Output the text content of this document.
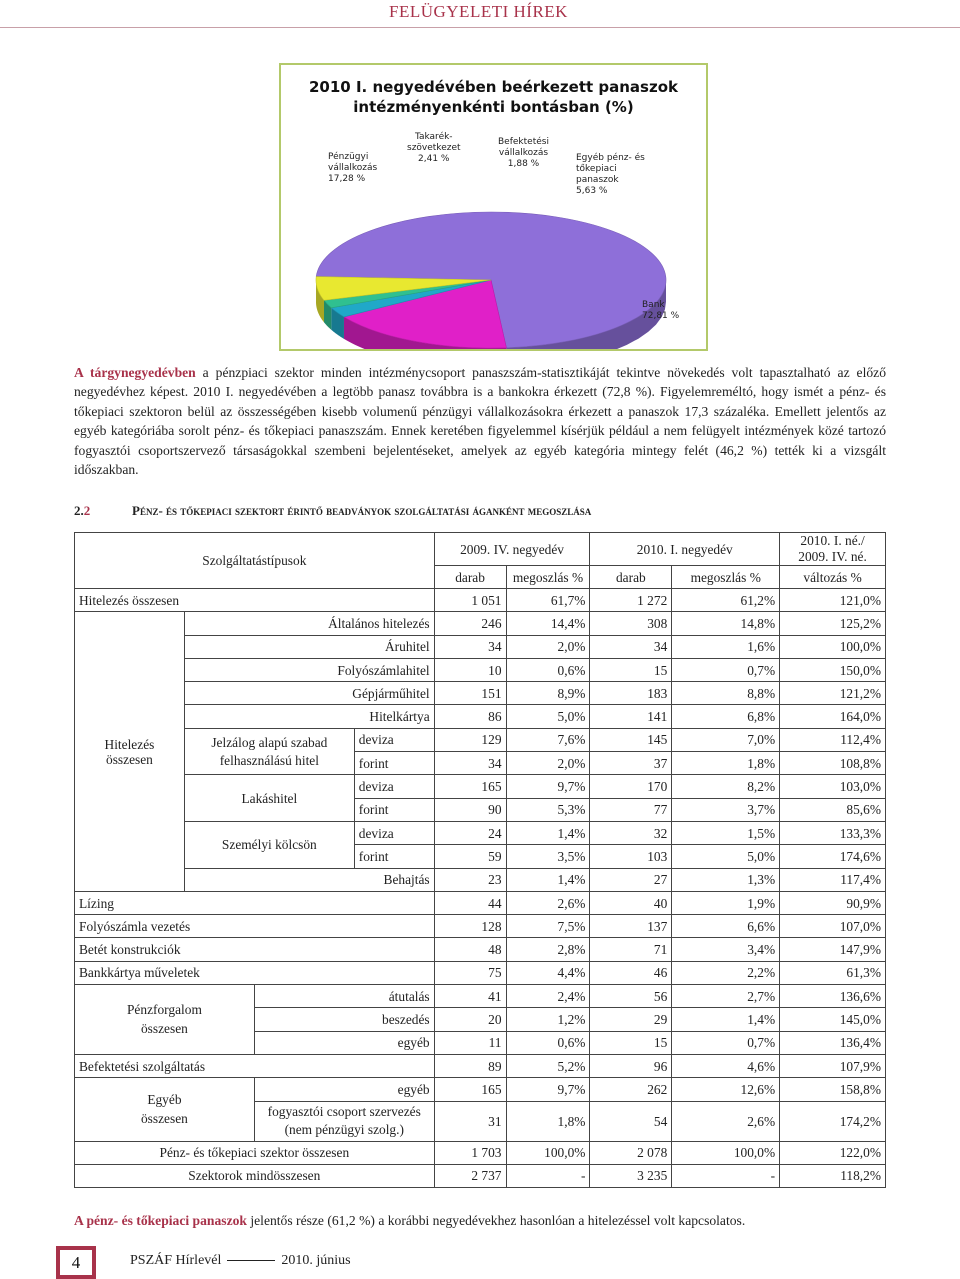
FELÜGYELETI HÍREK
2010 I. negyedévében beérkezett panaszok
intézményenkénti bontásban (%)
Pénzügyi
vállalkozás
17,28 %
Takarék-
szövetkezet
2,41 %
Befektetési
vállalkozás
1,88 %
Egyéb pénz- és
tőkepiaci
panaszok
5,63 %
Bank
72,81 %
A tárgynegyedévben a pénzpiaci szektor minden intézménycsoport panaszszám-statisztikáját tekintve növekedés volt tapasztalható az előző negyedévhez képest. 2010 I. negyedévében a legtöbb panasz továbbra is a bankokra érkezett (72,8 %). Figyelemreméltó, hogy ismét a pénz- és tőkepiaci szektoron belül az összességében kisebb volumenű pénzügyi vállalkozásokra érkezett a panaszok 17,3 százaléka. Emellett jelentős az egyéb kategóriába sorolt pénz- és tőkepiaci panaszszám. Ennek keretében figyelemmel kísérjük például a nem felügyelt intézmények közé tartozó fogyasztói csoportszervező társaságokkal szembeni bejelentéseket, amelyek az egyéb kategória mintegy felét (46,2 %) tették ki a vizsgált időszakban.
2.2	Pénz- és tőkepiaci szektort érintő beadványok szolgáltatási áganként megoszlása
Szolgáltatástípusok				2009. IV. negyedév		2010. I. negyedév		2010. I. né./
2009. IV. né.

				darab	megoszlás %	darab	megoszlás %	változás %
Hitelezés összesen				1 051	61,7%	1 272	61,2%	121,0%

Hitelezés összesen	Általános hitelezés			246	14,4%	308	14,8%	125,2%
	Áruhitel			34	2,0%	34	1,6%	100,0%
	Folyószámlahitel			10	0,6%	15	0,7%	150,0%
	Gépjárműhitel			151	8,9%	183	8,8%	121,2%
	Hitelkártya			86	5,0%	141	6,8%	164,0%

	Jelzálog alapú szabad felhasználású hitel		deviza	129	7,6%	145	7,0%	112,4%
			forint	34	2,0%	37	1,8%	108,8%
	Lakáshitel		deviza	165	9,7%	170	8,2%	103,0%
			forint	90	5,3%	77	3,7%	85,6%
	Személyi kölcsön		deviza	24	1,4%	32	1,5%	133,3%
			forint	59	3,5%	103	5,0%	174,6%
	Behajtás			23	1,4%	27	1,3%	117,4%
Lízing				44	2,6%	40	1,9%	90,9%
Folyószámla vezetés				128	7,5%	137	6,6%	107,0%
Betét konstrukciók				48	2,8%	71	3,4%	147,9%
Bankkártya műveletek				75	4,4%	46	2,2%	61,3%

Pénzforgalom összesen		átutalás		41	2,4%	56	2,7%	136,6%
		beszedés		20	1,2%	29	1,4%	145,0%
		egyéb		11	0,6%	15	0,7%	136,4%
Befektetési szolgáltatás				89	5,2%	96	4,6%	107,9%

Egyéb összesen		egyéb		165	9,7%	262	12,6%	158,8%
		fogyasztói csoport szervezés (nem pénzügyi szolg.)		31	1,8%	54	2,6%	174,2%
Pénz- és tőkepiaci szektor összesen				1 703	100,0%	2 078	100,0%	122,0%
Szektorok mindösszesen				2 737	-	3 235	-	118,2%
A pénz- és tőkepiaci panaszok jelentős része (61,2 %) a korábbi negyedévekhez hasonlóan a hitelezéssel volt kapcsolatos.
4	PSZÁF Hírlevél	2010. június
